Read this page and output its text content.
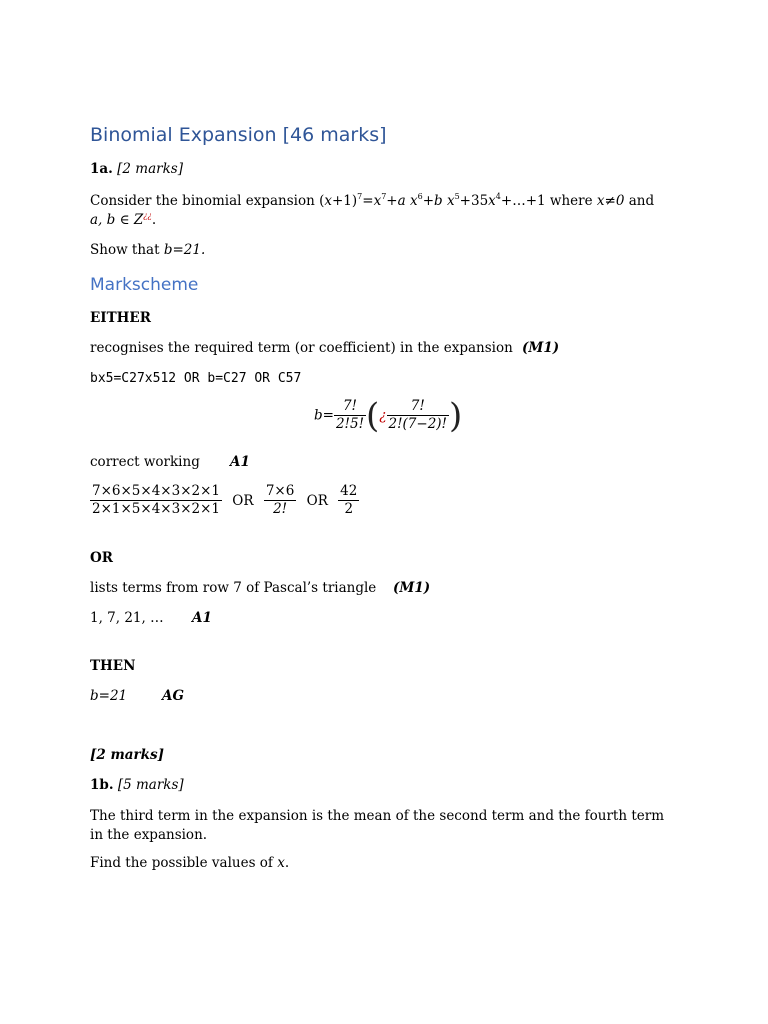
Binomial Expansion [46 marks]
1a. [2 marks]
Consider the binomial expansion $(x+1)^7=x^7+a$ $x^6+b$ $x^5+35x^4+\dots+1$ where x≠0 and
a, b ∈ Z¿¿.
Show that b=21.
Markscheme
EITHER
recognises the required term (or coefficient) in the expansion (M1)
bx5=C27x512 OR b=C27 OR C57
$b= \frac{7!}{2!5!}$ (¿ $\frac{7!}{2!(7-2)!}$ )
correct working A1
$\frac{7\times 6\times 5\times 4\times 3\times 2\times 1}{2\times 1\times 5\times 4\times 3\times 2\times 1}$ OR $\frac{7\times 6}{2!}$ OR $\frac{42}{2}$
OR
lists terms from row 7 of Pascal’s triangle (M1)
1, 7, 21, … A1
THEN
b=21	AG
[2 marks]
1b. [5 marks]
The third term in the expansion is the mean of the second term and the fourth term in the expansion.
Find the possible values of x.
